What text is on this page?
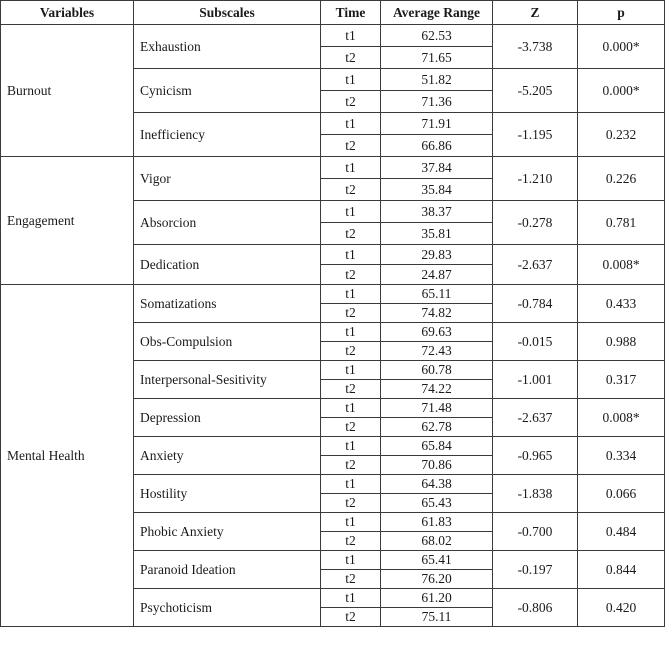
Variables	Subscales	Time	Average Range	Z	p
Burnout	Exhaustion	t1	62.53	-3.738	0.000*
		t2	71.65		
	Cynicism	t1	51.82	-5.205	0.000*
		t2	71.36		
	Inefficiency	t1	71.91	-1.195	0.232
		t2	66.86		
Engagement	Vigor	t1	37.84	-1.210	0.226
		t2	35.84		
	Absorcion	t1	38.37	-0.278	0.781
		t2	35.81		
	Dedication	t1	29.83	-2.637	0.008*
		t2	24.87		
Mental Health	Somatizations	t1	65.11	-0.784	0.433
		t2	74.82		
	Obs-Compulsion	t1	69.63	-0.015	0.988
		t2	72.43		
	Interpersonal-Sesitivity	t1	60.78	-1.001	0.317
		t2	74.22		
	Depression	t1	71.48	-2.637	0.008*
		t2	62.78		
	Anxiety	t1	65.84	-0.965	0.334
		t2	70.86		
	Hostility	t1	64.38	-1.838	0.066
		t2	65.43		
	Phobic Anxiety	t1	61.83	-0.700	0.484
		t2	68.02		
	Paranoid Ideation	t1	65.41	-0.197	0.844
		t2	76.20		
	Psychoticism	t1	61.20	-0.806	0.420
		t2	75.11		
